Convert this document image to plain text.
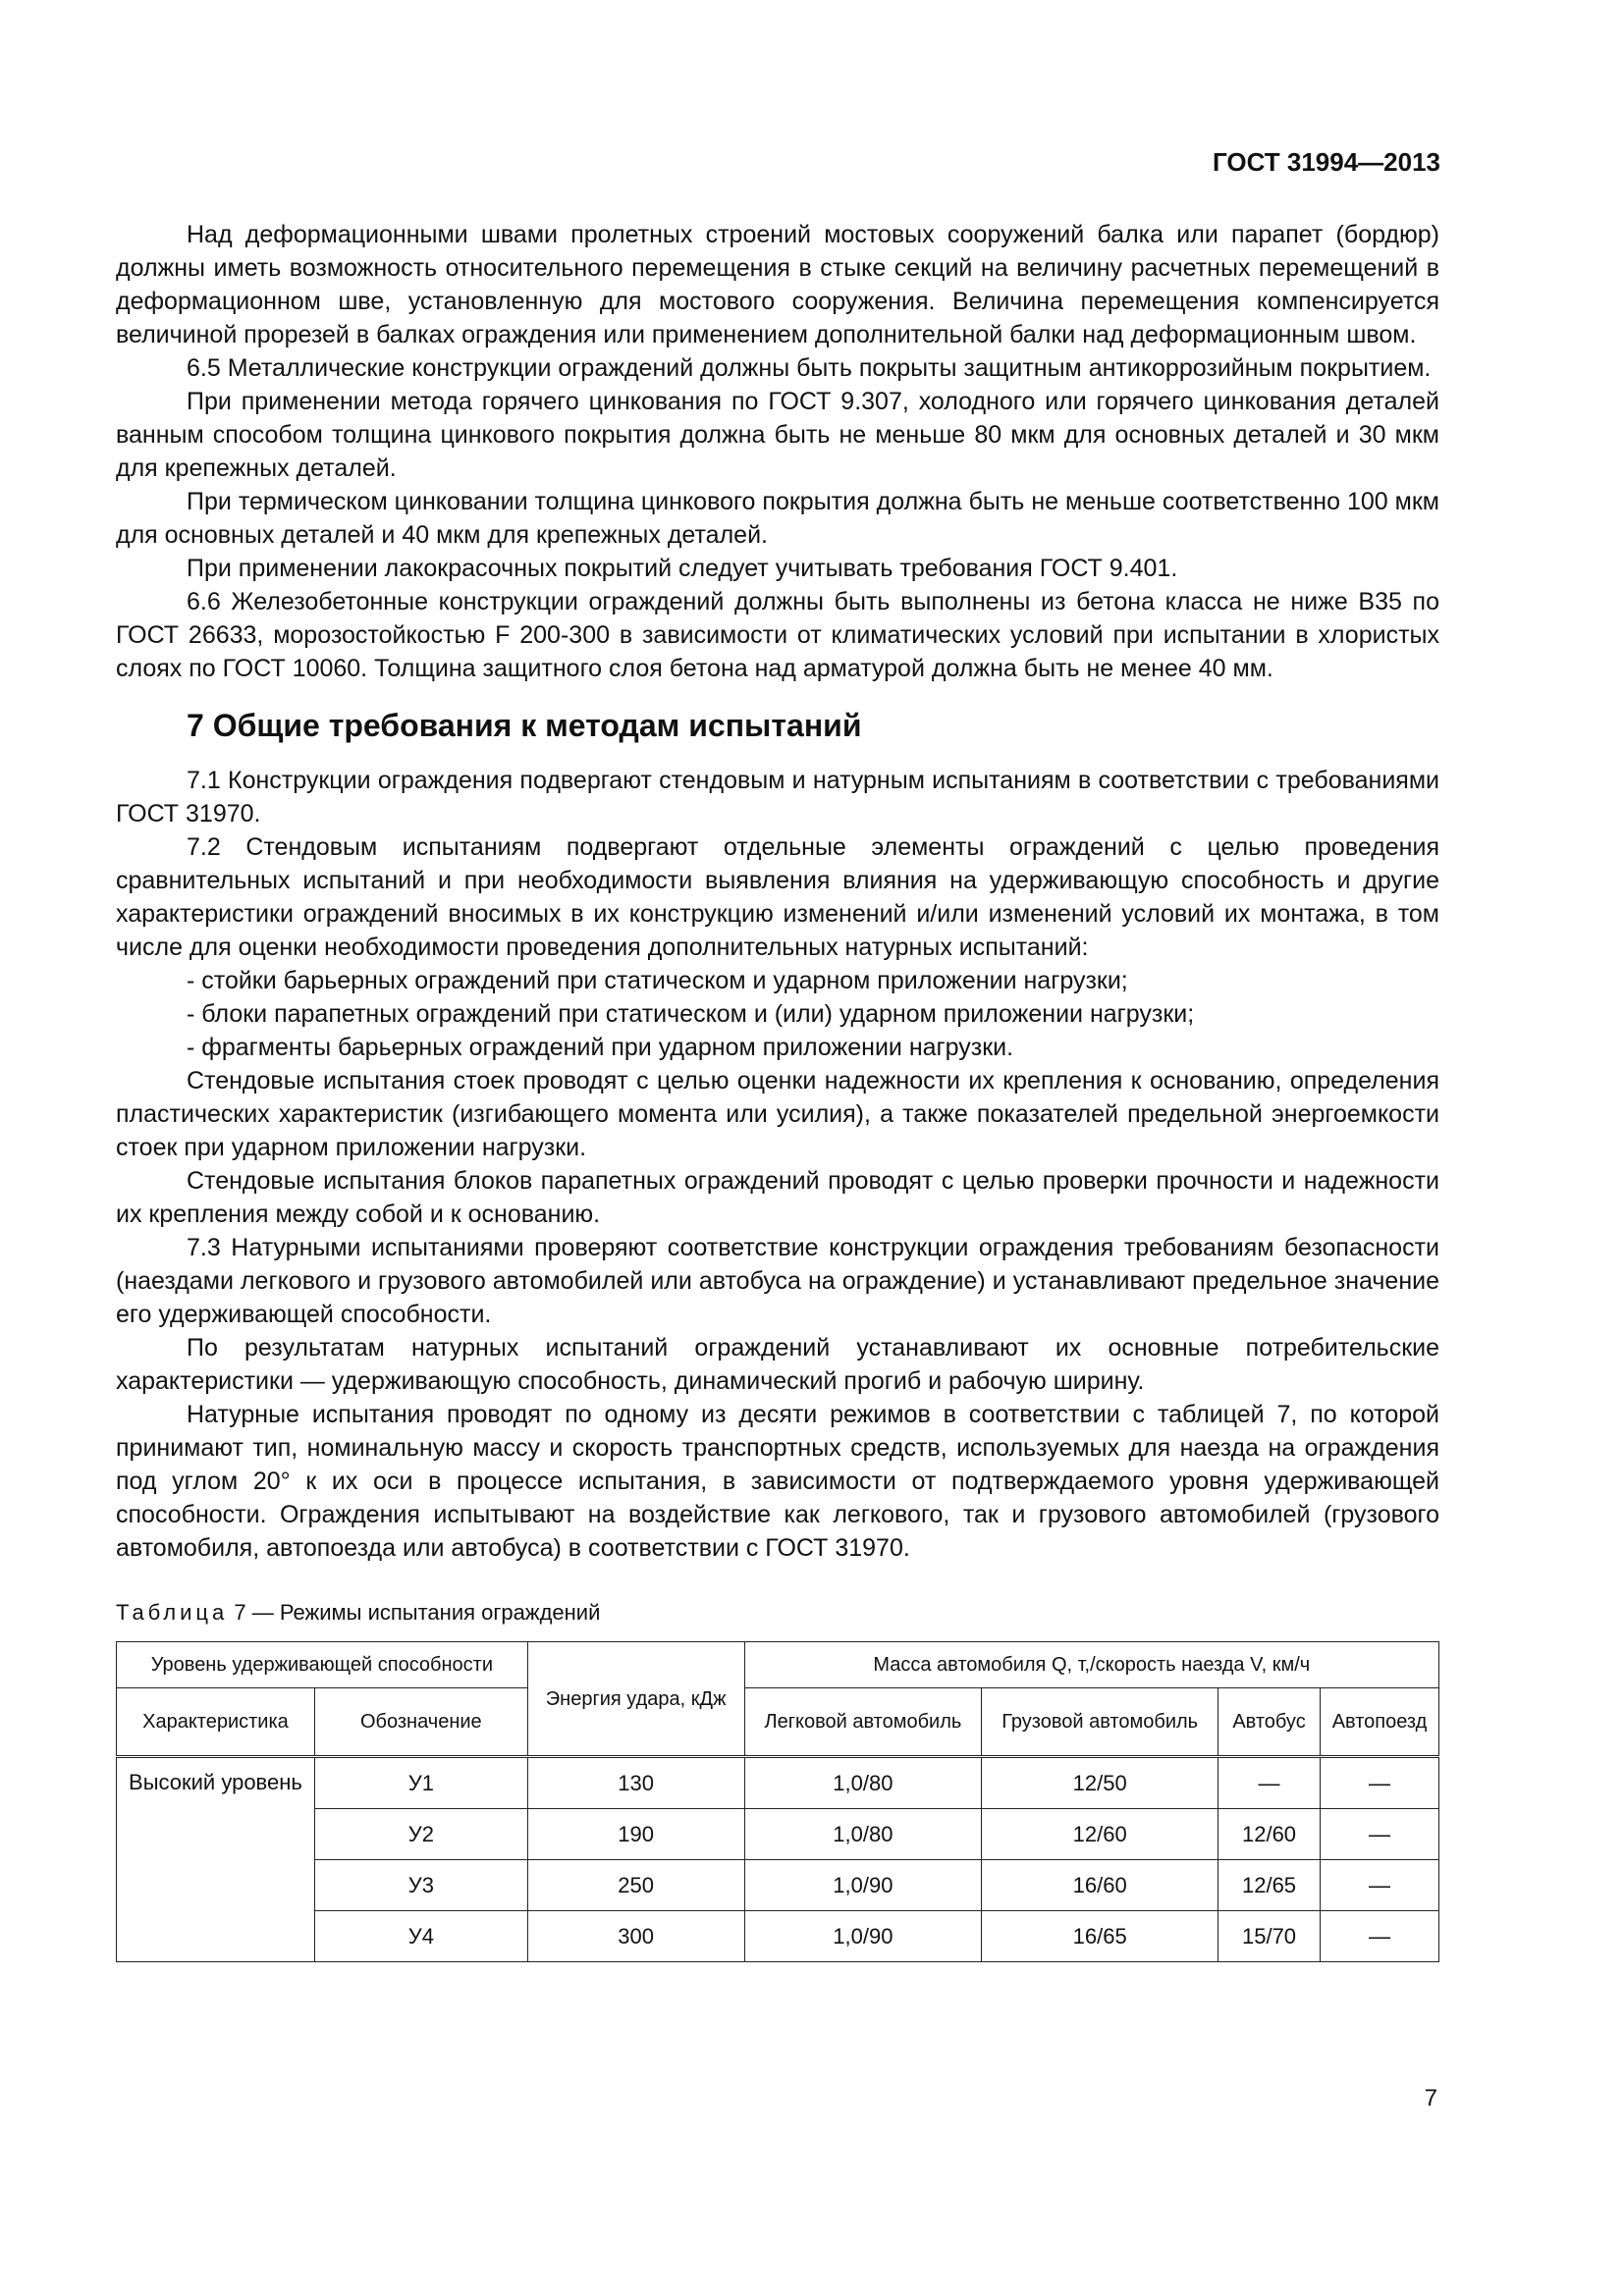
ГОСТ 31994—2013

Над деформационными швами пролетных строений мостовых сооружений балка или парапет (бордюр) должны иметь возможность относительного перемещения в стыке секций на величину расчетных перемещений в деформационном шве, установленную для мостового сооружения. Величина перемещения компенсируется величиной прорезей в балках ограждения или применением дополнительной балки над деформационным швом.

6.5 Металлические конструкции ограждений должны быть покрыты защитным антикоррозийным покрытием.

При применении метода горячего цинкования по ГОСТ 9.307, холодного или горячего цинкования деталей ванным способом толщина цинкового покрытия должна быть не меньше 80 мкм для основных деталей и 30 мкм для крепежных деталей.

При термическом цинковании толщина цинкового покрытия должна быть не меньше соответственно 100 мкм для основных деталей и 40 мкм для крепежных деталей.

При применении лакокрасочных покрытий следует учитывать требования ГОСТ 9.401.

6.6 Железобетонные конструкции ограждений должны быть выполнены из бетона класса не ниже В35 по ГОСТ 26633, морозостойкостью F 200-300 в зависимости от климатических условий при испытании в хлористых слоях по ГОСТ 10060. Толщина защитного слоя бетона над арматурой должна быть не менее 40 мм.

7 Общие требования к методам испытаний

7.1 Конструкции ограждения подвергают стендовым и натурным испытаниям в соответствии с требованиями ГОСТ 31970.

7.2 Стендовым испытаниям подвергают отдельные элементы ограждений с целью проведения сравнительных испытаний и при необходимости выявления влияния на удерживающую способность и другие характеристики ограждений вносимых в их конструкцию изменений и/или изменений условий их монтажа, в том числе для оценки необходимости проведения дополнительных натурных испытаний:

- стойки барьерных ограждений при статическом и ударном приложении нагрузки;

- блоки парапетных ограждений при статическом и (или) ударном приложении нагрузки;

- фрагменты барьерных ограждений при ударном приложении нагрузки.

Стендовые испытания стоек проводят с целью оценки надежности их крепления к основанию, определения пластических характеристик (изгибающего момента или усилия), а также показателей предельной энергоемкости стоек при ударном приложении нагрузки.

Стендовые испытания блоков парапетных ограждений проводят с целью проверки прочности и надежности их крепления между собой и к основанию.

7.3 Натурными испытаниями проверяют соответствие конструкции ограждения требованиям безопасности (наездами легкового и грузового автомобилей или автобуса на ограждение) и устанавливают предельное значение его удерживающей способности.

По результатам натурных испытаний ограждений устанавливают их основные потребительские характеристики — удерживающую способность, динамический прогиб и рабочую ширину.

Натурные испытания проводят по одному из десяти режимов в соответствии с таблицей 7, по которой принимают тип, номинальную массу и скорость транспортных средств, используемых для наезда на ограждения под углом 20° к их оси в процессе испытания, в зависимости от подтверждаемого уровня удерживающей способности. Ограждения испытывают на воздействие как легкового, так и грузового автомобилей (грузового автомобиля, автопоезда или автобуса) в соответствии с ГОСТ 31970.

Таблица 7 — Режимы испытания ограждений
Уровень удерживающей способности		Энергия удара, кДж	Масса автомобиля Q, т,/скорость наезда V, км/ч			
Характеристика	Обозначение		Легковой автомобиль	Грузовой автомобиль	Автобус	Автопоезд
Высокий уровень	У1	130	1,0/80	12/50	—	—
	У2	190	1,0/80	12/60	12/60	—
	У3	250	1,0/90	16/60	12/65	—
	У4	300	1,0/90	16/65	15/70	—
7
